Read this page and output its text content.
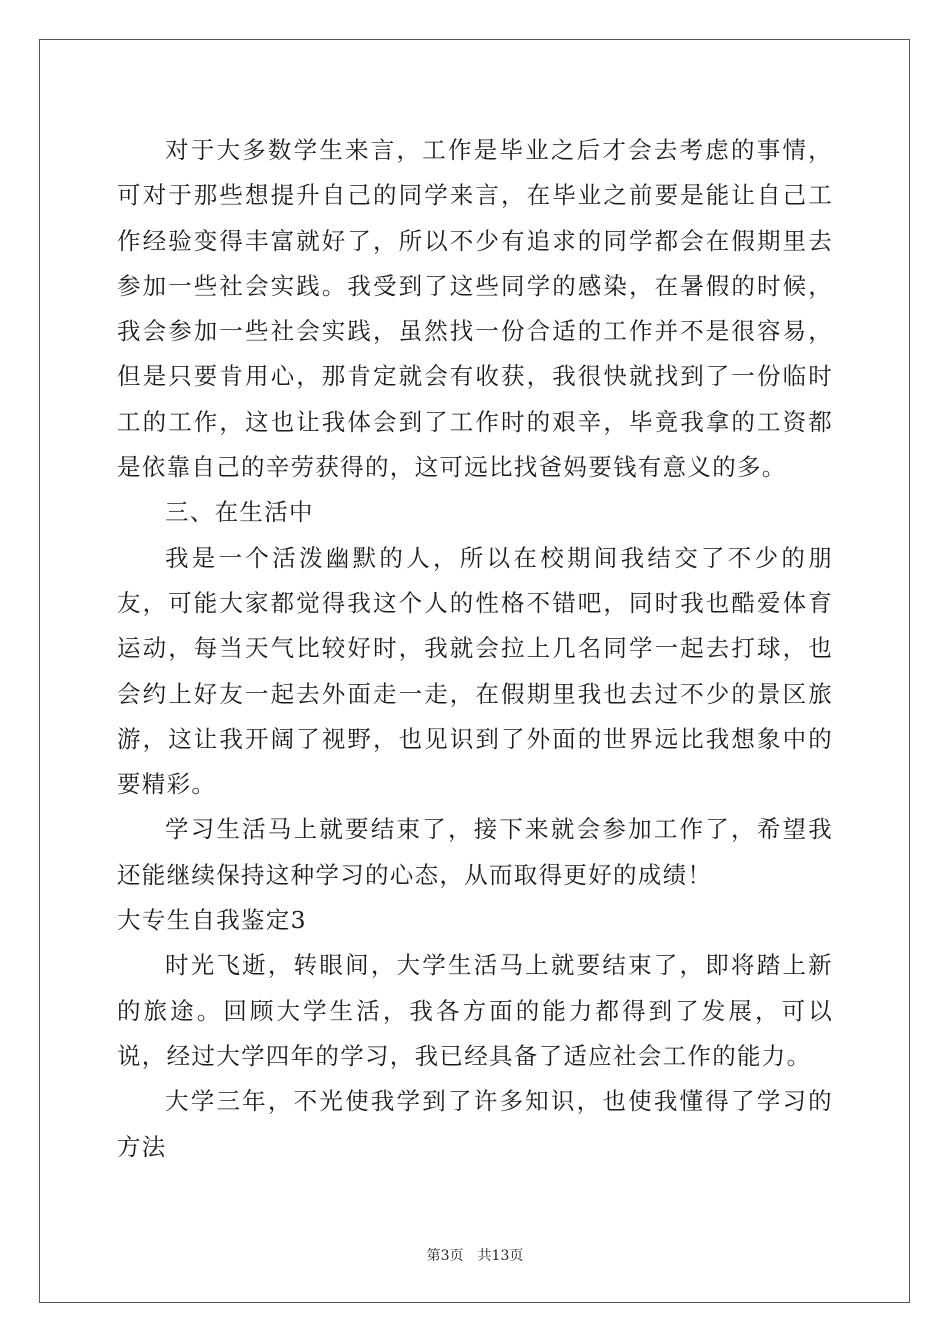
对于大多数学生来言，工作是毕业之后才会去考虑的事情，可对于那些想提升自己的同学来言，在毕业之前要是能让自己工作经验变得丰富就好了，所以不少有追求的同学都会在假期里去参加一些社会实践。我受到了这些同学的感染，在暑假的时候，我会参加一些社会实践，虽然找一份合适的工作并不是很容易，但是只要肯用心，那肯定就会有收获，我很快就找到了一份临时工的工作，这也让我体会到了工作时的艰辛，毕竟我拿的工资都是依靠自己的辛劳获得的，这可远比找爸妈要钱有意义的多。

三、在生活中

我是一个活泼幽默的人，所以在校期间我结交了不少的朋友，可能大家都觉得我这个人的性格不错吧，同时我也酷爱体育运动，每当天气比较好时，我就会拉上几名同学一起去打球，也会约上好友一起去外面走一走，在假期里我也去过不少的景区旅游，这让我开阔了视野，也见识到了外面的世界远比我想象中的要精彩。

学习生活马上就要结束了，接下来就会参加工作了，希望我还能继续保持这种学习的心态，从而取得更好的成绩！

大专生自我鉴定3

时光飞逝，转眼间，大学生活马上就要结束了，即将踏上新的旅途。回顾大学生活，我各方面的能力都得到了发展，可以说，经过大学四年的学习，我已经具备了适应社会工作的能力。

大学三年，不光使我学到了许多知识，也使我懂得了学习的方法

第3页 共13页
